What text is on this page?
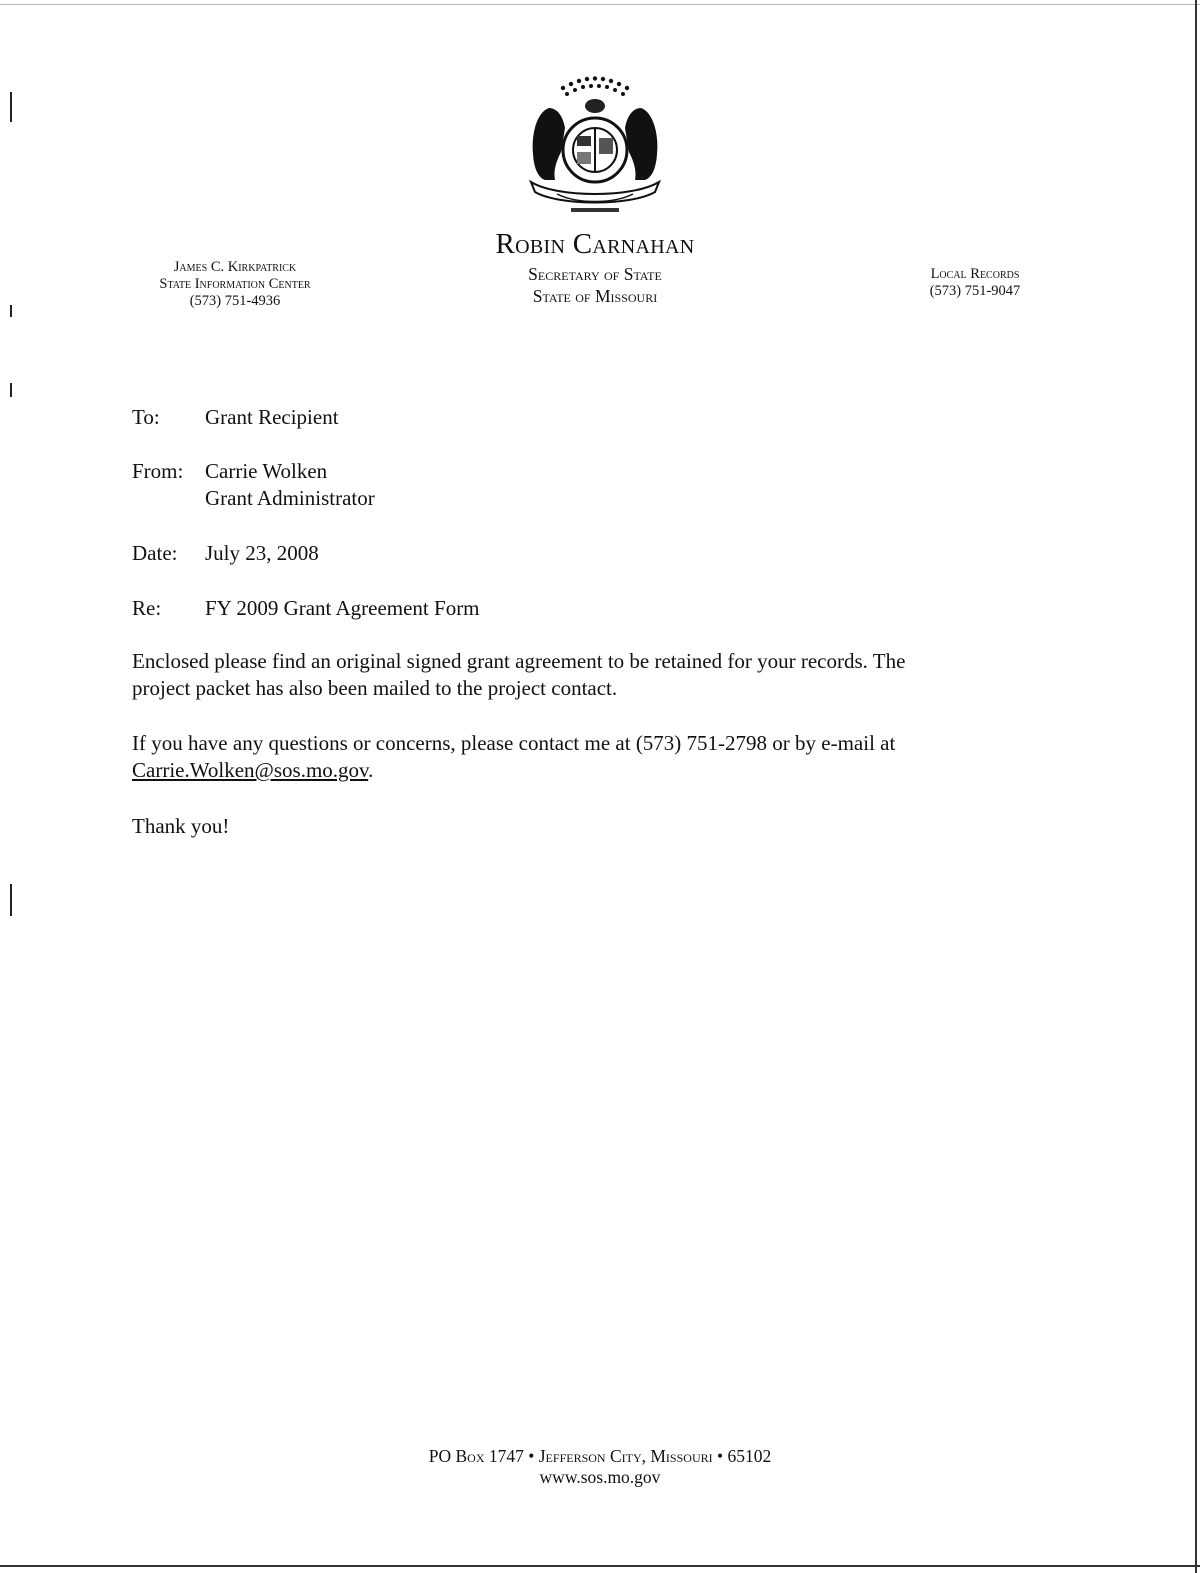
Robin Carnahan
Secretary of State
State of Missouri
James C. Kirkpatrick
State Information Center
(573) 751-4936
Local Records
(573) 751-9047
To: Grant Recipient
From: Carrie Wolken
Grant Administrator
Date: July 23, 2008
Re: FY 2009 Grant Agreement Form
Enclosed please find an original signed grant agreement to be retained for your records. The
project packet has also been mailed to the project contact.
If you have any questions or concerns, please contact me at (573) 751-2798 or by e-mail at
Carrie.Wolken@sos.mo.gov.
Thank you!
PO Box 1747 • Jefferson City, Missouri • 65102
www.sos.mo.gov
